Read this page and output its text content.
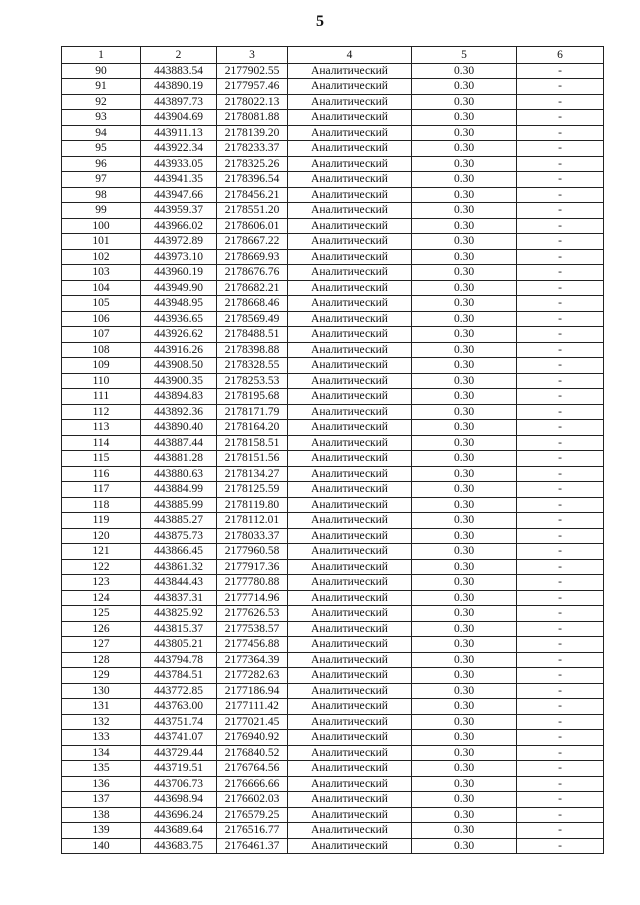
5
1	2	3	4	5	6
90	443883.54	2177902.55	Аналитический	0.30	-
91	443890.19	2177957.46	Аналитический	0.30	-
92	443897.73	2178022.13	Аналитический	0.30	-
93	443904.69	2178081.88	Аналитический	0.30	-
94	443911.13	2178139.20	Аналитический	0.30	-
95	443922.34	2178233.37	Аналитический	0.30	-
96	443933.05	2178325.26	Аналитический	0.30	-
97	443941.35	2178396.54	Аналитический	0.30	-
98	443947.66	2178456.21	Аналитический	0.30	-
99	443959.37	2178551.20	Аналитический	0.30	-
100	443966.02	2178606.01	Аналитический	0.30	-
101	443972.89	2178667.22	Аналитический	0.30	-
102	443973.10	2178669.93	Аналитический	0.30	-
103	443960.19	2178676.76	Аналитический	0.30	-
104	443949.90	2178682.21	Аналитический	0.30	-
105	443948.95	2178668.46	Аналитический	0.30	-
106	443936.65	2178569.49	Аналитический	0.30	-
107	443926.62	2178488.51	Аналитический	0.30	-
108	443916.26	2178398.88	Аналитический	0.30	-
109	443908.50	2178328.55	Аналитический	0.30	-
110	443900.35	2178253.53	Аналитический	0.30	-
111	443894.83	2178195.68	Аналитический	0.30	-
112	443892.36	2178171.79	Аналитический	0.30	-
113	443890.40	2178164.20	Аналитический	0.30	-
114	443887.44	2178158.51	Аналитический	0.30	-
115	443881.28	2178151.56	Аналитический	0.30	-
116	443880.63	2178134.27	Аналитический	0.30	-
117	443884.99	2178125.59	Аналитический	0.30	-
118	443885.99	2178119.80	Аналитический	0.30	-
119	443885.27	2178112.01	Аналитический	0.30	-
120	443875.73	2178033.37	Аналитический	0.30	-
121	443866.45	2177960.58	Аналитический	0.30	-
122	443861.32	2177917.36	Аналитический	0.30	-
123	443844.43	2177780.88	Аналитический	0.30	-
124	443837.31	2177714.96	Аналитический	0.30	-
125	443825.92	2177626.53	Аналитический	0.30	-
126	443815.37	2177538.57	Аналитический	0.30	-
127	443805.21	2177456.88	Аналитический	0.30	-
128	443794.78	2177364.39	Аналитический	0.30	-
129	443784.51	2177282.63	Аналитический	0.30	-
130	443772.85	2177186.94	Аналитический	0.30	-
131	443763.00	2177111.42	Аналитический	0.30	-
132	443751.74	2177021.45	Аналитический	0.30	-
133	443741.07	2176940.92	Аналитический	0.30	-
134	443729.44	2176840.52	Аналитический	0.30	-
135	443719.51	2176764.56	Аналитический	0.30	-
136	443706.73	2176666.66	Аналитический	0.30	-
137	443698.94	2176602.03	Аналитический	0.30	-
138	443696.24	2176579.25	Аналитический	0.30	-
139	443689.64	2176516.77	Аналитический	0.30	-
140	443683.75	2176461.37	Аналитический	0.30	-
